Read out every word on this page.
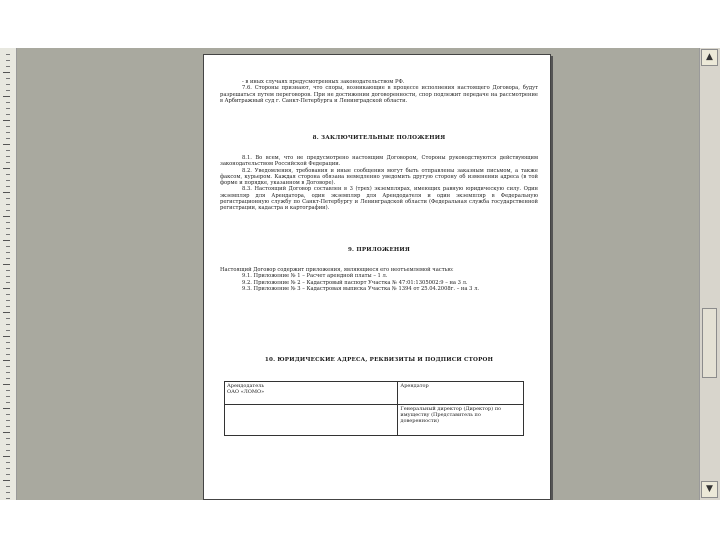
- в иных случаях предусмотренных законодательством РФ.

7.6. Стороны признают, что споры, возникающие в процессе исполнения настоящего Договора, будут разрешаться путем переговоров. При не достижении договоренности, спор подлежит передаче на рассмотрение в Арбитражный суд г. Санкт-Петербурга и Ленинградской области.

8. ЗАКЛЮЧИТЕЛЬНЫЕ ПОЛОЖЕНИЯ

8.1. Во всем, что не предусмотрено настоящим Договором, Стороны руководствуются действующим законодательством Российской Федерации.

8.2. Уведомления, требования и иные сообщения могут быть отправлены заказным письмом, а также факсом, курьером. Каждая сторона обязана немедленно уведомить другую сторону об изменении адреса (в той форме и порядке, указанном в Договоре).

8.3. Настоящий Договор составлен в 3 (трех) экземплярах, имеющих равную юридическую силу. Один экземпляр для Арендатора, один экземпляр для Арендодателя и один экземпляр в Федеральную регистрационную службу по Санкт-Петербургу и Ленинградской области (Федеральная служба государственной регистрации, кадастра и картографии).

9. ПРИЛОЖЕНИЯ

Настоящий Договор содержит приложения, являющиеся его неотъемлемой частью:

9.1. Приложение № 1 – Расчет арендной платы – 1 л.

9.2. Приложение № 2 – Кадастровый паспорт Участка № 47:01:1305002:9 – на 3 л.

9.3. Приложение № 3 – Кадастровая выписка Участка № 1394 от 25.04.2008г. – на 3 л.

10. ЮРИДИЧЕСКИЕ АДРЕСА, РЕКВИЗИТЫ И ПОДПИСИ СТОРОН
Арендодатель
ОАО «ЛОМО»	Арендатор

	Генеральный директор (Директор) по имуществу (Представитель по доверенности)
▲
▼
